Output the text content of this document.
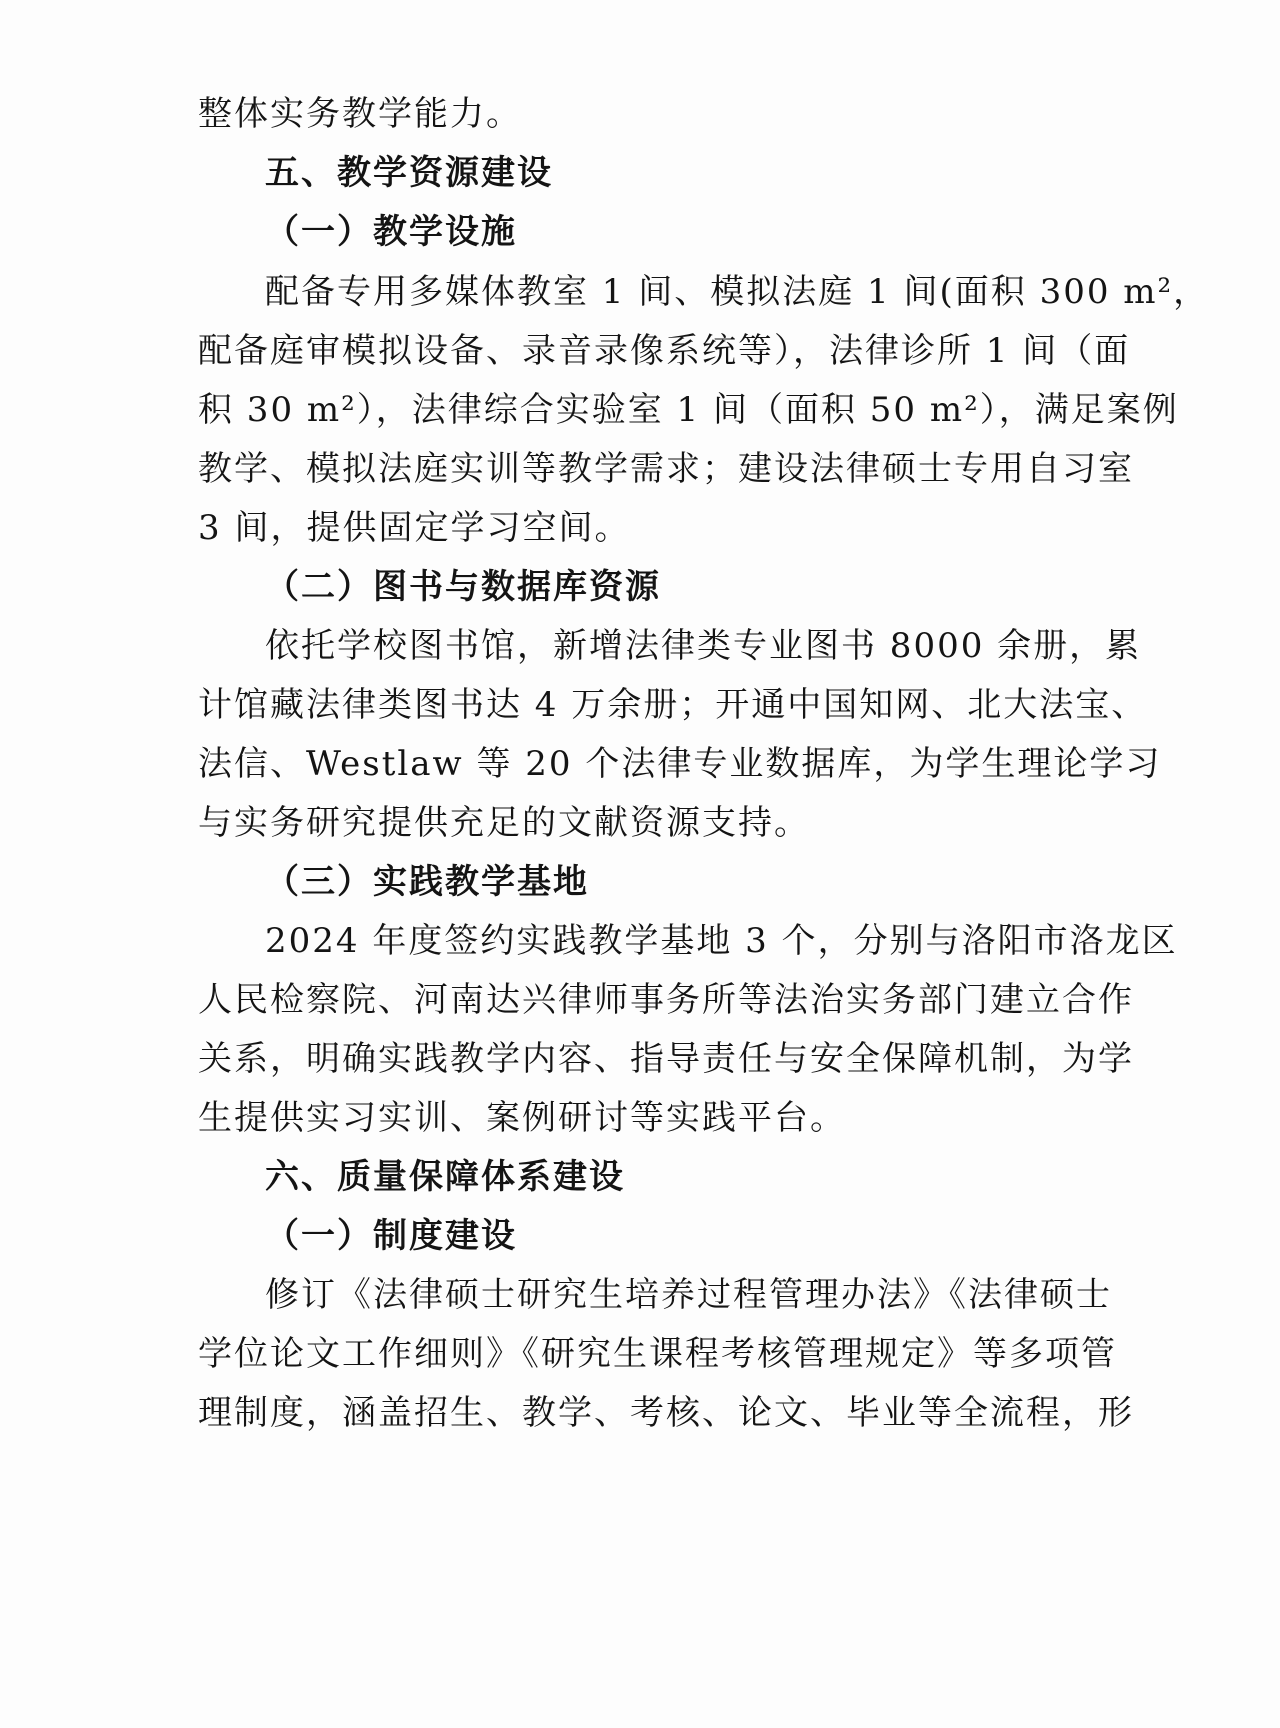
整体实务教学能力。
五、教学资源建设
（一）教学设施
配备专用多媒体教室 1 间、模拟法庭 1 间(面积 300 m²，
配备庭审模拟设备、录音录像系统等），法律诊所 1 间（面
积 30 m²），法律综合实验室 1 间（面积 50 m²），满足案例
教学、模拟法庭实训等教学需求；建设法律硕士专用自习室
3 间，提供固定学习空间。
（二）图书与数据库资源
依托学校图书馆，新增法律类专业图书 8000 余册，累
计馆藏法律类图书达 4 万余册；开通中国知网、北大法宝、
法信、Westlaw 等 20 个法律专业数据库，为学生理论学习
与实务研究提供充足的文献资源支持。
（三）实践教学基地
2024 年度签约实践教学基地 3 个，分别与洛阳市洛龙区
人民检察院、河南达兴律师事务所等法治实务部门建立合作
关系，明确实践教学内容、指导责任与安全保障机制，为学
生提供实习实训、案例研讨等实践平台。
六、质量保障体系建设
（一）制度建设
修订《法律硕士研究生培养过程管理办法》《法律硕士
学位论文工作细则》《研究生课程考核管理规定》等多项管
理制度，涵盖招生、教学、考核、论文、毕业等全流程，形
